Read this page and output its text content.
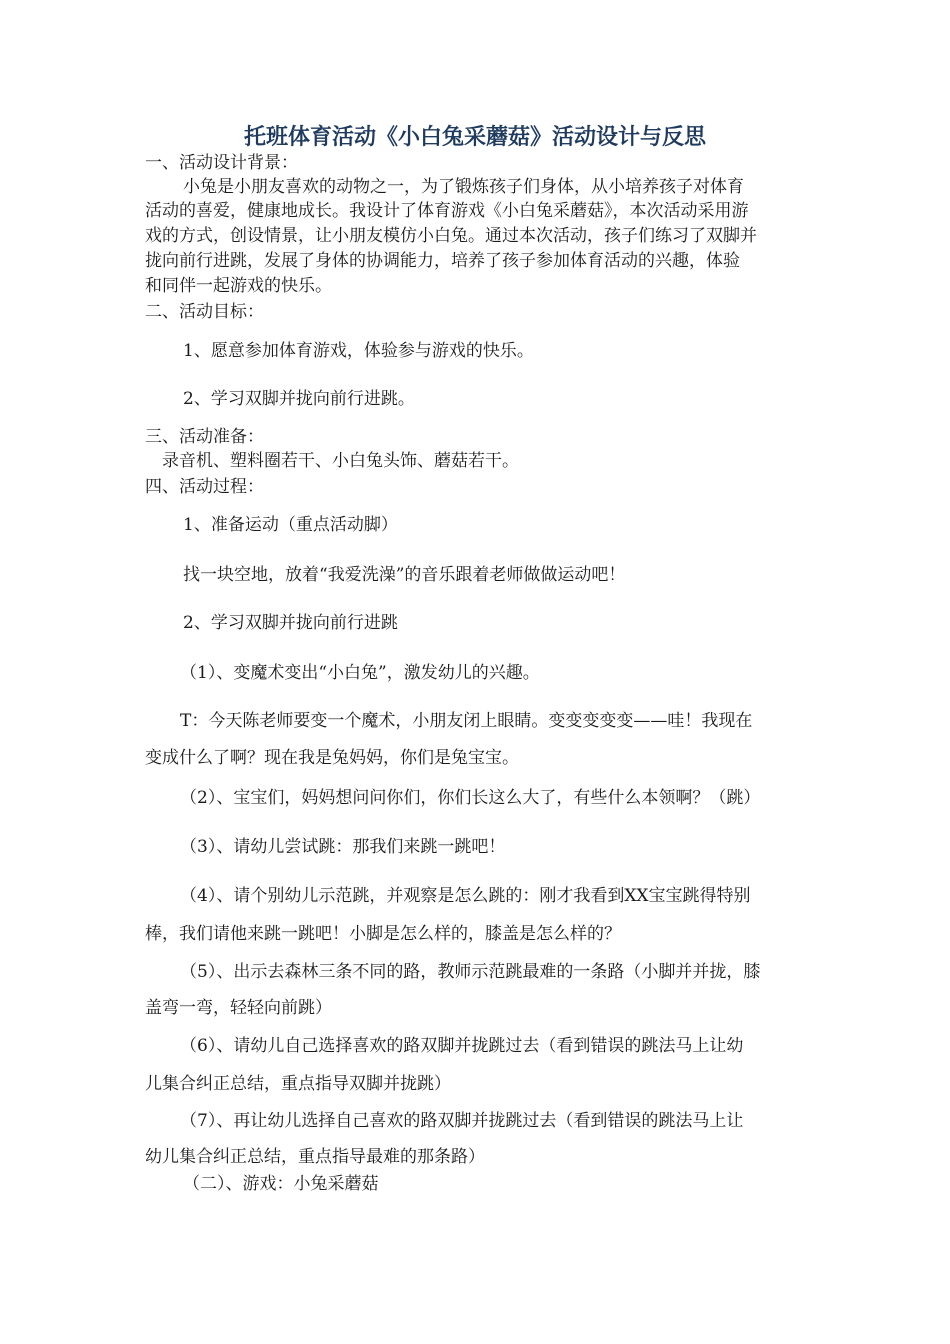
托班体育活动《小白兔采蘑菇》活动设计与反思
一、活动设计背景：
小兔是小朋友喜欢的动物之一，为了锻炼孩子们身体，从小培养孩子对体育
活动的喜爱，健康地成长。我设计了体育游戏《小白兔采蘑菇》，本次活动采用游
戏的方式，创设情景，让小朋友模仿小白兔。通过本次活动，孩子们练习了双脚并
拢向前行进跳，发展了身体的协调能力，培养了孩子参加体育活动的兴趣，体验
和同伴一起游戏的快乐。
二、活动目标：
1、愿意参加体育游戏，体验参与游戏的快乐。
2、学习双脚并拢向前行进跳。
三、活动准备：
录音机、塑料圈若干、小白兔头饰、蘑菇若干。
四、活动过程：
1、准备运动（重点活动脚）
找一块空地，放着“我爱洗澡”的音乐跟着老师做做运动吧！
2、学习双脚并拢向前行进跳
（1）、变魔术变出“小白兔”，激发幼儿的兴趣。
T：今天陈老师要变一个魔术，小朋友闭上眼睛。变变变变变——哇！我现在
变成什么了啊？现在我是兔妈妈，你们是兔宝宝。
（2）、宝宝们，妈妈想问问你们，你们长这么大了，有些什么本领啊？（跳）
（3）、请幼儿尝试跳：那我们来跳一跳吧！
（4）、请个别幼儿示范跳，并观察是怎么跳的：刚才我看到XX宝宝跳得特别
棒，我们请他来跳一跳吧！小脚是怎么样的，膝盖是怎么样的？
（5）、出示去森林三条不同的路，教师示范跳最难的一条路（小脚并并拢，膝
盖弯一弯，轻轻向前跳）
（6）、请幼儿自己选择喜欢的路双脚并拢跳过去（看到错误的跳法马上让幼
儿集合纠正总结，重点指导双脚并拢跳）
（7）、再让幼儿选择自己喜欢的路双脚并拢跳过去（看到错误的跳法马上让
幼儿集合纠正总结，重点指导最难的那条路）
（二）、游戏：小兔采蘑菇
